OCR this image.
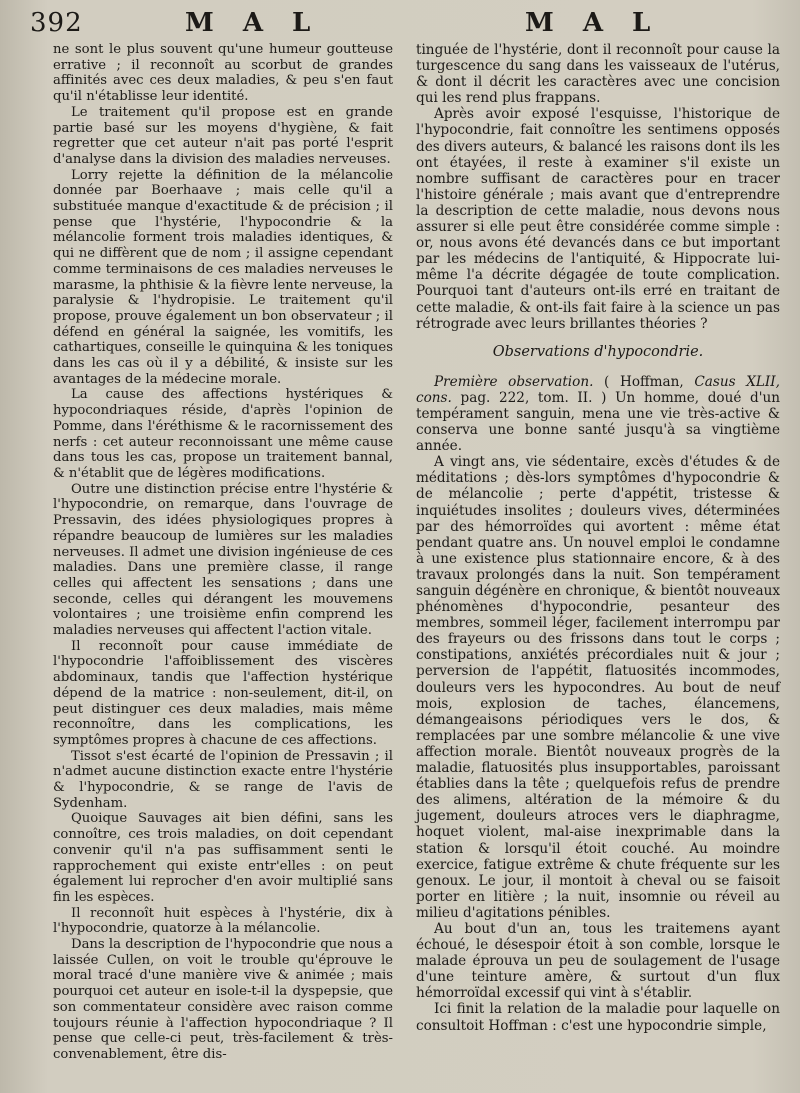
392	M A L	M A L

ne sont le plus souvent qu'une humeur goutteuse errative ; il reconnoît au scorbut de grandes affinités avec ces deux maladies, & peu s'en faut qu'il n'établisse leur identité.

Le traitement qu'il propose est en grande partie basé sur les moyens d'hygiène, & fait regretter que cet auteur n'ait pas porté l'esprit d'analyse dans la division des maladies nerveuses.

Lorry rejette la définition de la mélancolie donnée par Boerhaave ; mais celle qu'il a substituée manque d'exactitude & de précision ; il pense que l'hystérie, l'hypocondrie & la mélancolie forment trois maladies identiques, & qui ne diffèrent que de nom ; il assigne cependant comme terminaisons de ces maladies nerveuses le marasme, la phthisie & la fièvre lente nerveuse, la paralysie & l'hydropisie. Le traitement qu'il propose, prouve également un bon observateur ; il défend en général la saignée, les vomitifs, les cathartiques, conseille le quinquina & les toniques dans les cas où il y a débilité, & insiste sur les avantages de la médecine morale.

La cause des affections hystériques & hypocondriaques réside, d'après l'opinion de Pomme, dans l'éréthisme & le racornissement des nerfs : cet auteur reconnoissant une même cause dans tous les cas, propose un traitement bannal, & n'établit que de légères modifications.

Outre une distinction précise entre l'hystérie & l'hypocondrie, on remarque, dans l'ouvrage de Pressavin, des idées physiologiques propres à répandre beaucoup de lumières sur les maladies nerveuses. Il admet une division ingénieuse de ces maladies. Dans une première classe, il range celles qui affectent les sensations ; dans une seconde, celles qui dérangent les mouvemens volontaires ; une troisième enfin comprend les maladies nerveuses qui affectent l'action vitale.

Il reconnoît pour cause immédiate de l'hypocondrie l'affoiblissement des viscères abdominaux, tandis que l'affection hystérique dépend de la matrice : non-seulement, dit-il, on peut distinguer ces deux maladies, mais même reconnoître, dans les complications, les symptômes propres à chacune de ces affections.

Tissot s'est écarté de l'opinion de Pressavin ; il n'admet aucune distinction exacte entre l'hystérie & l'hypocondrie, & se range de l'avis de Sydenham.

Quoique Sauvages ait bien défini, sans les connoître, ces trois maladies, on doit cependant convenir qu'il n'a pas suffisamment senti le rapprochement qui existe entr'elles : on peut également lui reprocher d'en avoir multiplié sans fin les espèces.

Il reconnoît huit espèces à l'hystérie, dix à l'hypocondrie, quatorze à la mélancolie.

Dans la description de l'hypocondrie que nous a laissée Cullen, on voit le trouble qu'éprouve le moral tracé d'une manière vive & animée ; mais pourquoi cet auteur en isole-t-il la dyspepsie, que son commentateur considère avec raison comme toujours réunie à l'affection hypocondriaque ? Il pense que celle-ci peut, très-facilement & très-convenablement, être dis-

tinguée de l'hystérie, dont il reconnoît pour cause la turgescence du sang dans les vaisseaux de l'utérus, & dont il décrit les caractères avec une concision qui les rend plus frappans.

Après avoir exposé l'esquisse, l'historique de l'hypocondrie, fait connoître les sentimens opposés des divers auteurs, & balancé les raisons dont ils les ont étayées, il reste à examiner s'il existe un nombre suffisant de caractères pour en tracer l'histoire générale ; mais avant que d'entreprendre la description de cette maladie, nous devons nous assurer si elle peut être considérée comme simple : or, nous avons été devancés dans ce but important par les médecins de l'antiquité, & Hippocrate lui-même l'a décrite dégagée de toute complication. Pourquoi tant d'auteurs ont-ils erré en traitant de cette maladie, & ont-ils fait faire à la science un pas rétrograde avec leurs brillantes théories ?

Observations d'hypocondrie.

Première observation. ( Hoffman, Casus XLII, cons. pag. 222, tom. II. ) Un homme, doué d'un tempérament sanguin, mena une vie très-active & conserva une bonne santé jusqu'à sa vingtième année.

A vingt ans, vie sédentaire, excès d'études & de méditations ; dès-lors symptômes d'hypocondrie & de mélancolie ; perte d'appétit, tristesse & inquiétudes insolites ; douleurs vives, déterminées par des hémorroïdes qui avortent : même état pendant quatre ans. Un nouvel emploi le condamne à une existence plus stationnaire encore, & à des travaux prolongés dans la nuit. Son tempérament sanguin dégénère en chronique, & bientôt nouveaux phénomènes d'hypocondrie, pesanteur des membres, sommeil léger, facilement interrompu par des frayeurs ou des frissons dans tout le corps ; constipations, anxiétés précordiales nuit & jour ; perversion de l'appétit, flatuosités incommodes, douleurs vers les hypocondres. Au bout de neuf mois, explosion de taches, élancemens, démangeaisons périodiques vers le dos, & remplacées par une sombre mélancolie & une vive affection morale. Bientôt nouveaux progrès de la maladie, flatuosités plus insupportables, paroissant établies dans la tête ; quelquefois refus de prendre des alimens, altération de la mémoire & du jugement, douleurs atroces vers le diaphragme, hoquet violent, mal-aise inexprimable dans la station & lorsqu'il étoit couché. Au moindre exercice, fatigue extrême & chute fréquente sur les genoux. Le jour, il montoit à cheval ou se faisoit porter en litière ; la nuit, insomnie ou réveil au milieu d'agitations pénibles.

Au bout d'un an, tous les traitemens ayant échoué, le désespoir étoit à son comble, lorsque le malade éprouva un peu de soulagement de l'usage d'une teinture amère, & surtout d'un flux hémorroïdal excessif qui vint à s'établir.

Ici finit la relation de la maladie pour laquelle on consultoit Hoffman : c'est une hypocondrie simple,
